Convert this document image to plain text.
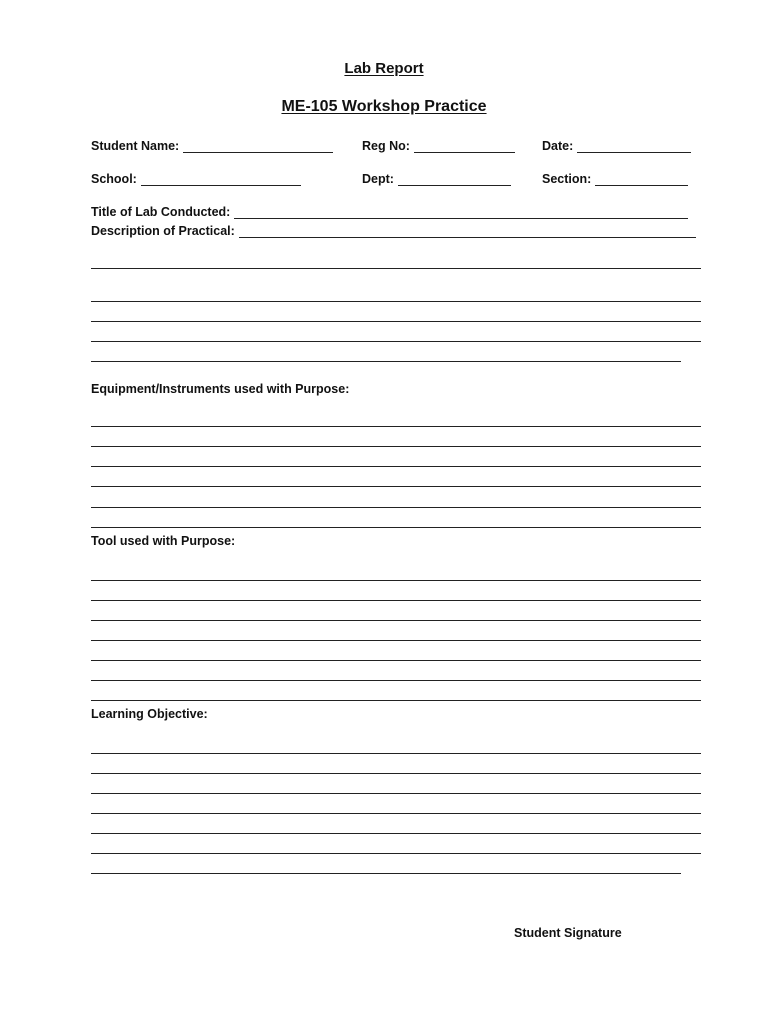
Lab Report
ME-105 Workshop Practice
Student Name:	Reg No:	Date:
School:	Dept:	Section:
Title of Lab Conducted:
Description of Practical:
Equipment/Instruments used with Purpose:
Tool used with Purpose:
Learning Objective:
Student Signature
